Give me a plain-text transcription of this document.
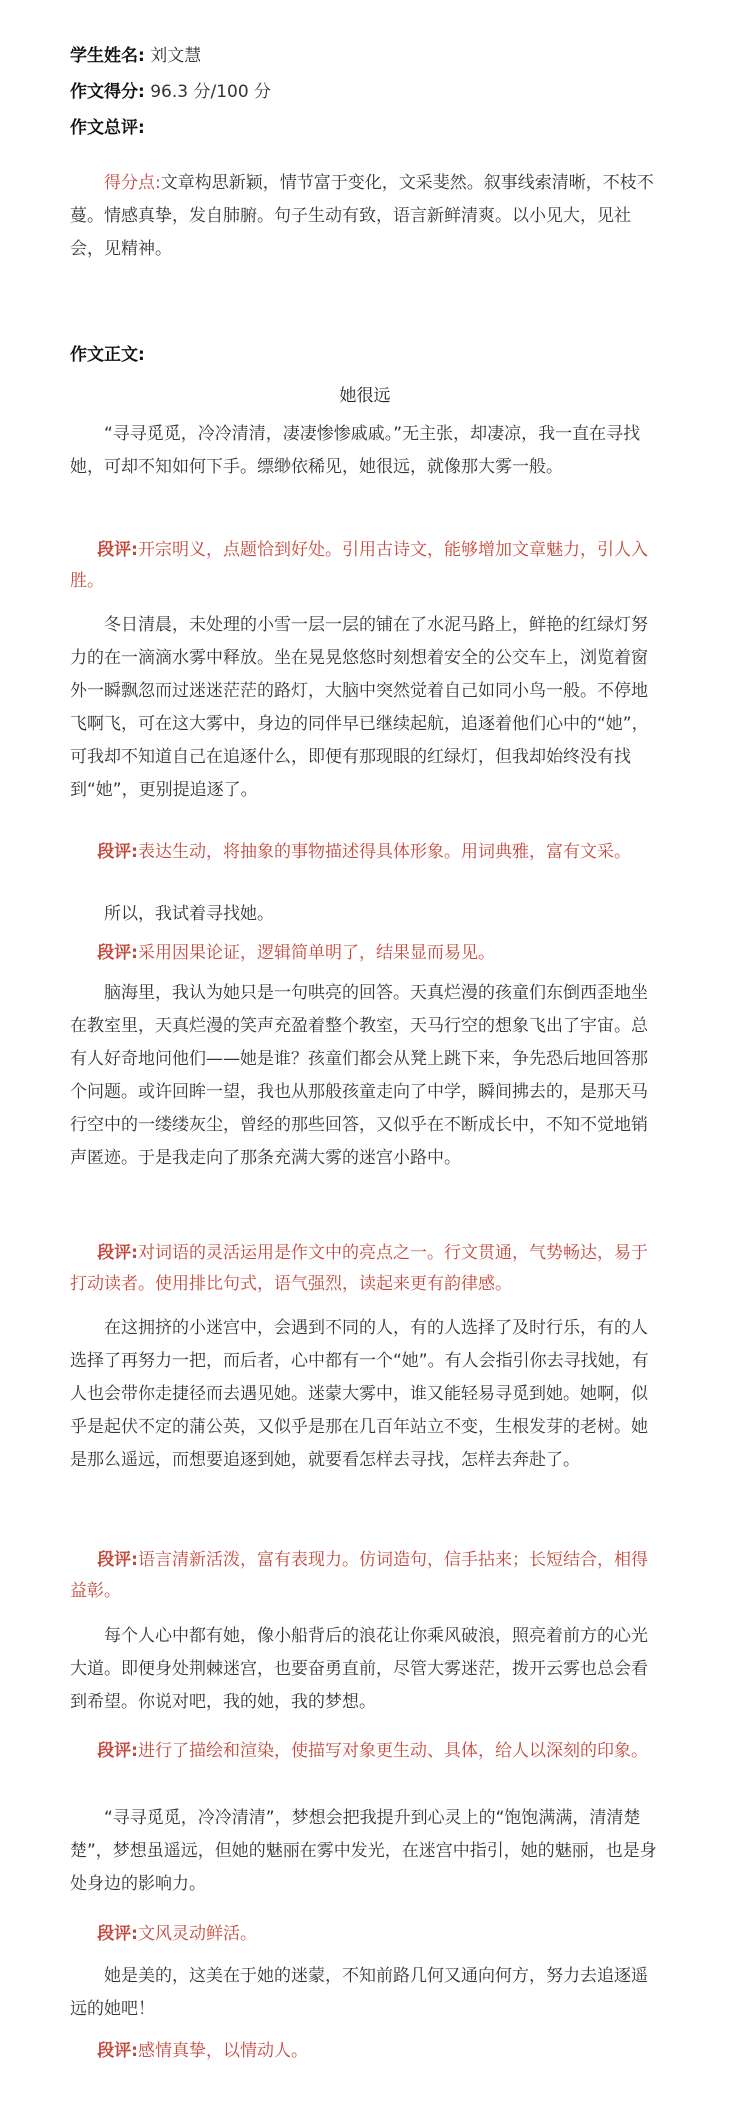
学生姓名: 刘文慧
作文得分: 96.3 分/100 分
作文总评:

得分点:文章构思新颖，情节富于变化，文采斐然。叙事线索清晰，不枝不蔓。情感真挚，发自肺腑。句子生动有致，语言新鲜清爽。以小见大，见社会，见精神。

作文正文:
她很远

“寻寻觅觅，冷冷清清，凄凄惨惨戚戚。”无主张，却凄凉，我一直在寻找她，可却不知如何下手。缥缈依稀见，她很远，就像那大雾一般。

段评:开宗明义，点题恰到好处。引用古诗文，能够增加文章魅力，引人入胜。

冬日清晨，未处理的小雪一层一层的铺在了水泥马路上，鲜艳的红绿灯努力的在一滴滴水雾中释放。坐在晃晃悠悠时刻想着安全的公交车上，浏览着窗外一瞬飘忽而过迷迷茫茫的路灯，大脑中突然觉着自己如同小鸟一般。不停地飞啊飞，可在这大雾中，身边的同伴早已继续起航，追逐着他们心中的“她”，可我却不知道自己在追逐什么，即便有那现眼的红绿灯，但我却始终没有找到“她”，更别提追逐了。

段评:表达生动，将抽象的事物描述得具体形象。用词典雅，富有文采。

所以，我试着寻找她。

段评:采用因果论证，逻辑简单明了，结果显而易见。

脑海里，我认为她只是一句哄亮的回答。天真烂漫的孩童们东倒西歪地坐在教室里，天真烂漫的笑声充盈着整个教室，天马行空的想象飞出了宇宙。总有人好奇地问他们——她是谁？孩童们都会从凳上跳下来，争先恐后地回答那个问题。或许回眸一望，我也从那般孩童走向了中学，瞬间拂去的，是那天马行空中的一缕缕灰尘，曾经的那些回答，又似乎在不断成长中，不知不觉地销声匿迹。于是我走向了那条充满大雾的迷宫小路中。

段评:对词语的灵活运用是作文中的亮点之一。行文贯通，气势畅达，易于打动读者。使用排比句式，语气强烈，读起来更有韵律感。

在这拥挤的小迷宫中，会遇到不同的人，有的人选择了及时行乐，有的人选择了再努力一把，而后者，心中都有一个“她”。有人会指引你去寻找她，有人也会带你走捷径而去遇见她。迷蒙大雾中，谁又能轻易寻觅到她。她啊，似乎是起伏不定的蒲公英，又似乎是那在几百年站立不变，生根发芽的老树。她是那么遥远，而想要追逐到她，就要看怎样去寻找，怎样去奔赴了。

段评:语言清新活泼，富有表现力。仿词造句，信手拈来；长短结合，相得益彰。

每个人心中都有她，像小船背后的浪花让你乘风破浪，照亮着前方的心光大道。即便身处荆棘迷宫，也要奋勇直前，尽管大雾迷茫，拨开云雾也总会看到希望。你说对吧，我的她，我的梦想。

段评:进行了描绘和渲染，使描写对象更生动、具体，给人以深刻的印象。

“寻寻觅觅，冷冷清清”，梦想会把我提升到心灵上的“饱饱满满，清清楚楚”，梦想虽遥远，但她的魅丽在雾中发光，在迷宫中指引，她的魅丽，也是身处身边的影响力。

段评:文风灵动鲜活。

她是美的，这美在于她的迷蒙，不知前路几何又通向何方，努力去追逐遥远的她吧！

段评:感情真挚，以情动人。
